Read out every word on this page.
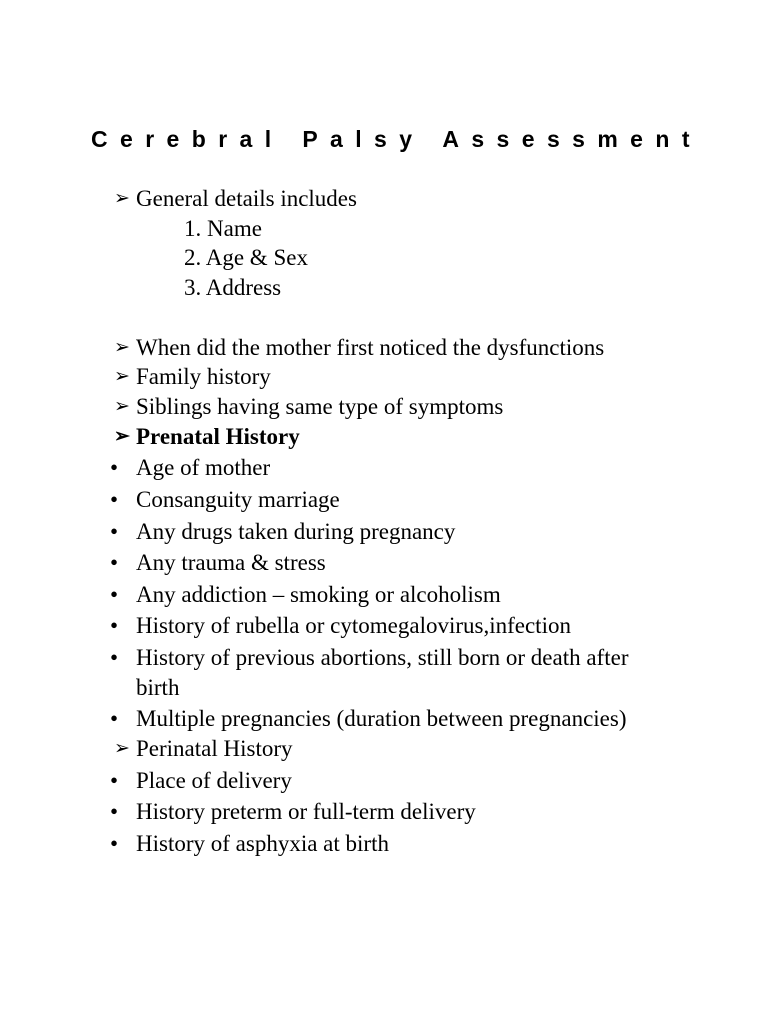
Cerebral Palsy Assessment
➢ General details includes
1. Name
2. Age & Sex
3. Address
➢ When did the mother first noticed the dysfunctions
➢ Family history
➢ Siblings having same type of symptoms
➢ Prenatal History
• Age of mother
• Consanguity marriage
• Any drugs taken during pregnancy
• Any trauma & stress
• Any addiction – smoking or alcoholism
• History of rubella or cytomegalovirus,infection
• History of previous abortions, still born or death after
birth
• Multiple pregnancies (duration between pregnancies)
➢ Perinatal History
• Place of delivery
• History preterm or full-term delivery
• History of asphyxia at birth
